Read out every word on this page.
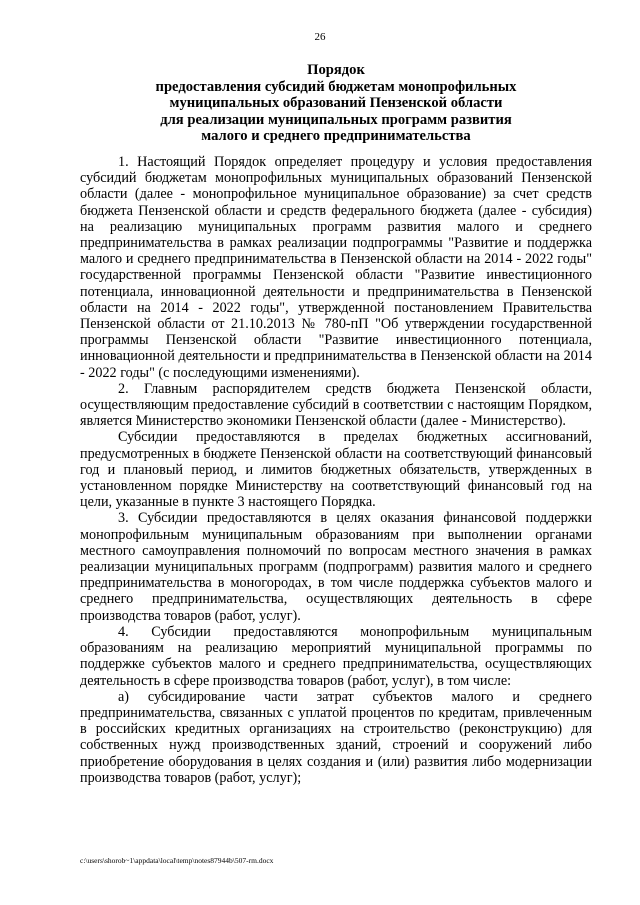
26
Порядок
предоставления субсидий бюджетам монопрофильных
муниципальных образований Пензенской области
для реализации муниципальных программ развития
малого и среднего предпринимательства

1. Настоящий Порядок определяет процедуру и условия предоставления субсидий бюджетам монопрофильных муниципальных образований Пензенской области (далее - монопрофильное муниципальное образование) за счет средств бюджета Пензенской области и средств федерального бюджета (далее - субсидия) на реализацию муниципальных программ развития малого и среднего предпринимательства в рамках реализации подпрограммы "Развитие и поддержка малого и среднего предпринимательства в Пензенской области на 2014 - 2022 годы" государственной программы Пензенской области "Развитие инвестиционного потенциала, инновационной деятельности и предпринимательства в Пензенской области на 2014 - 2022 годы", утвержденной постановлением Правительства Пензенской области от 21.10.2013 № 780-пП "Об утверждении государственной программы Пензенской области "Развитие инвестиционного потенциала, инновационной деятельности и предпринимательства в Пензенской области на 2014 - 2022 годы" (с последующими изменениями).

2. Главным распорядителем средств бюджета Пензенской области, осуществляющим предоставление субсидий в соответствии с настоящим Порядком, является Министерство экономики Пензенской области (далее - Министерство).

Субсидии предоставляются в пределах бюджетных ассигнований, предусмотренных в бюджете Пензенской области на соответствующий финансовый год и плановый период, и лимитов бюджетных обязательств, утвержденных в установленном порядке Министерству на соответствующий финансовый год на цели, указанные в пункте 3 настоящего Порядка.

3. Субсидии предоставляются в целях оказания финансовой поддержки монопрофильным муниципальным образованиям при выполнении органами местного самоуправления полномочий по вопросам местного значения в рамках реализации муниципальных программ (подпрограмм) развития малого и среднего предпринимательства в моногородах, в том числе поддержка субъектов малого и среднего предпринимательства, осуществляющих деятельность в сфере производства товаров (работ, услуг).

4. Субсидии предоставляются монопрофильным муниципальным образованиям на реализацию мероприятий муниципальной программы по поддержке субъектов малого и среднего предпринимательства, осуществляющих деятельность в сфере производства товаров (работ, услуг), в том числе:

а) субсидирование части затрат субъектов малого и среднего предпринимательства, связанных с уплатой процентов по кредитам, привлеченным в российских кредитных организациях на строительство (реконструкцию) для собственных нужд производственных зданий, строений и сооружений либо приобретение оборудования в целях создания и (или) развития либо модернизации производства товаров (работ, услуг);

c:\users\shorob~1\appdata\local\temp\notes87944b\507-rm.docx
